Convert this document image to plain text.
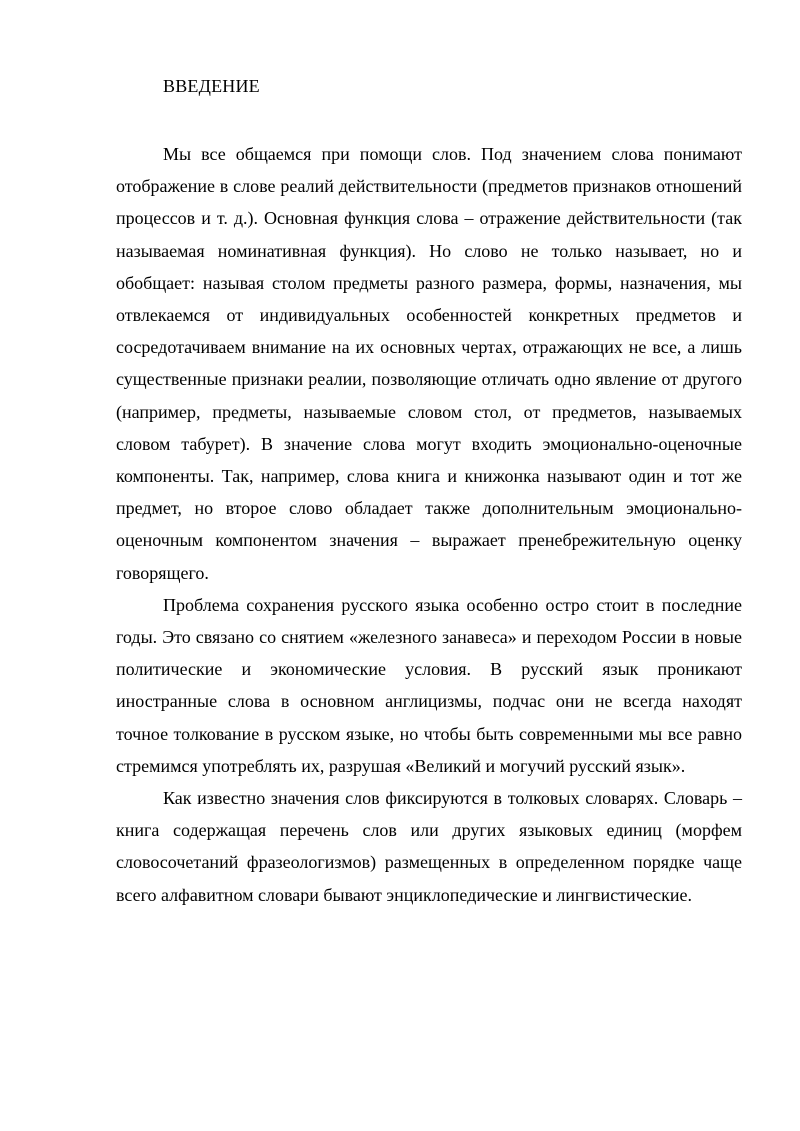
ВВЕДЕНИЕ

Мы все общаемся при помощи слов. Под значением слова понимают отображение в слове реалий действительности (предметов признаков отношений процессов и т. д.). Основная функция слова – отражение действительности (так называемая номинативная функция). Но слово не только называет, но и обобщает: называя столом предметы разного размера, формы, назначения, мы отвлекаемся от индивидуальных особенностей конкретных предметов и сосредотачиваем внимание на их основных чертах, отражающих не все, а лишь существенные признаки реалии, позволяющие отличать одно явление от другого (например, предметы, называемые словом стол, от предметов, называемых словом табурет). В значение слова могут входить эмоционально-оценочные компоненты. Так, например, слова книга и книжонка называют один и тот же предмет, но второе слово обладает также дополнительным эмоционально-оценочным компонентом значения – выражает пренебрежительную оценку говорящего.

Проблема сохранения русского языка особенно остро стоит в последние годы. Это связано со снятием «железного занавеса» и переходом России в новые политические и экономические условия. В русский язык проникают иностранные слова в основном англицизмы, подчас они не всегда находят точное толкование в русском языке, но чтобы быть современными мы все равно стремимся употреблять их, разрушая «Великий и могучий русский язык».

Как известно значения слов фиксируются в толковых словарях. Словарь – книга содержащая перечень слов или других языковых единиц (морфем словосочетаний фразеологизмов) размещенных в определенном порядке чаще всего алфавитном словари бывают энциклопедические и лингвистические.
